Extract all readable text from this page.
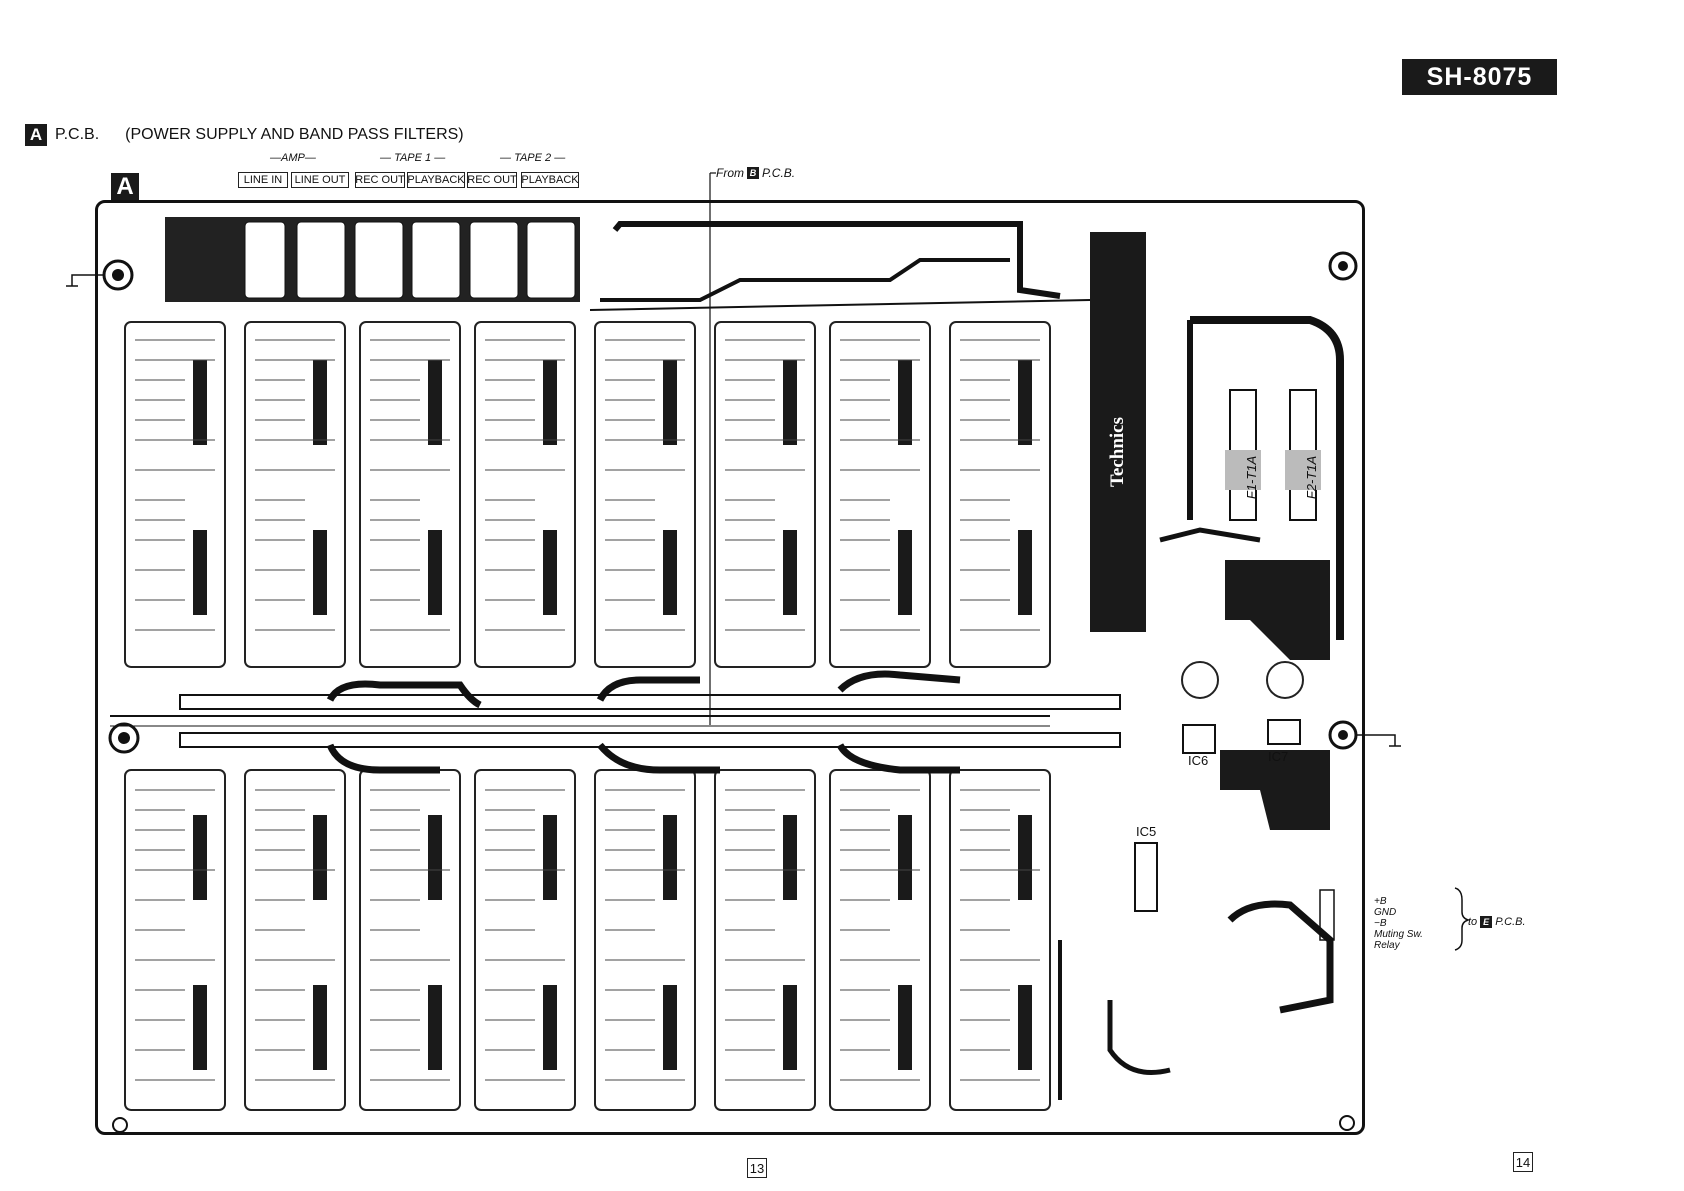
SH-8075
A P.C.B. (POWER SUPPLY AND BAND PASS FILTERS)
A
—AMP—	— TAPE 1 —	— TAPE 2 —
LINE IN	LINE OUT REC OUT PLAYBACK REC OUT PLAYBACK	From B P.C.B.
Technics	F1-T1A	F2-T1A
IC5
IC6	IC7
+B
GND
−B
Muting Sw.
Relay
to E P.C.B.
13	14
